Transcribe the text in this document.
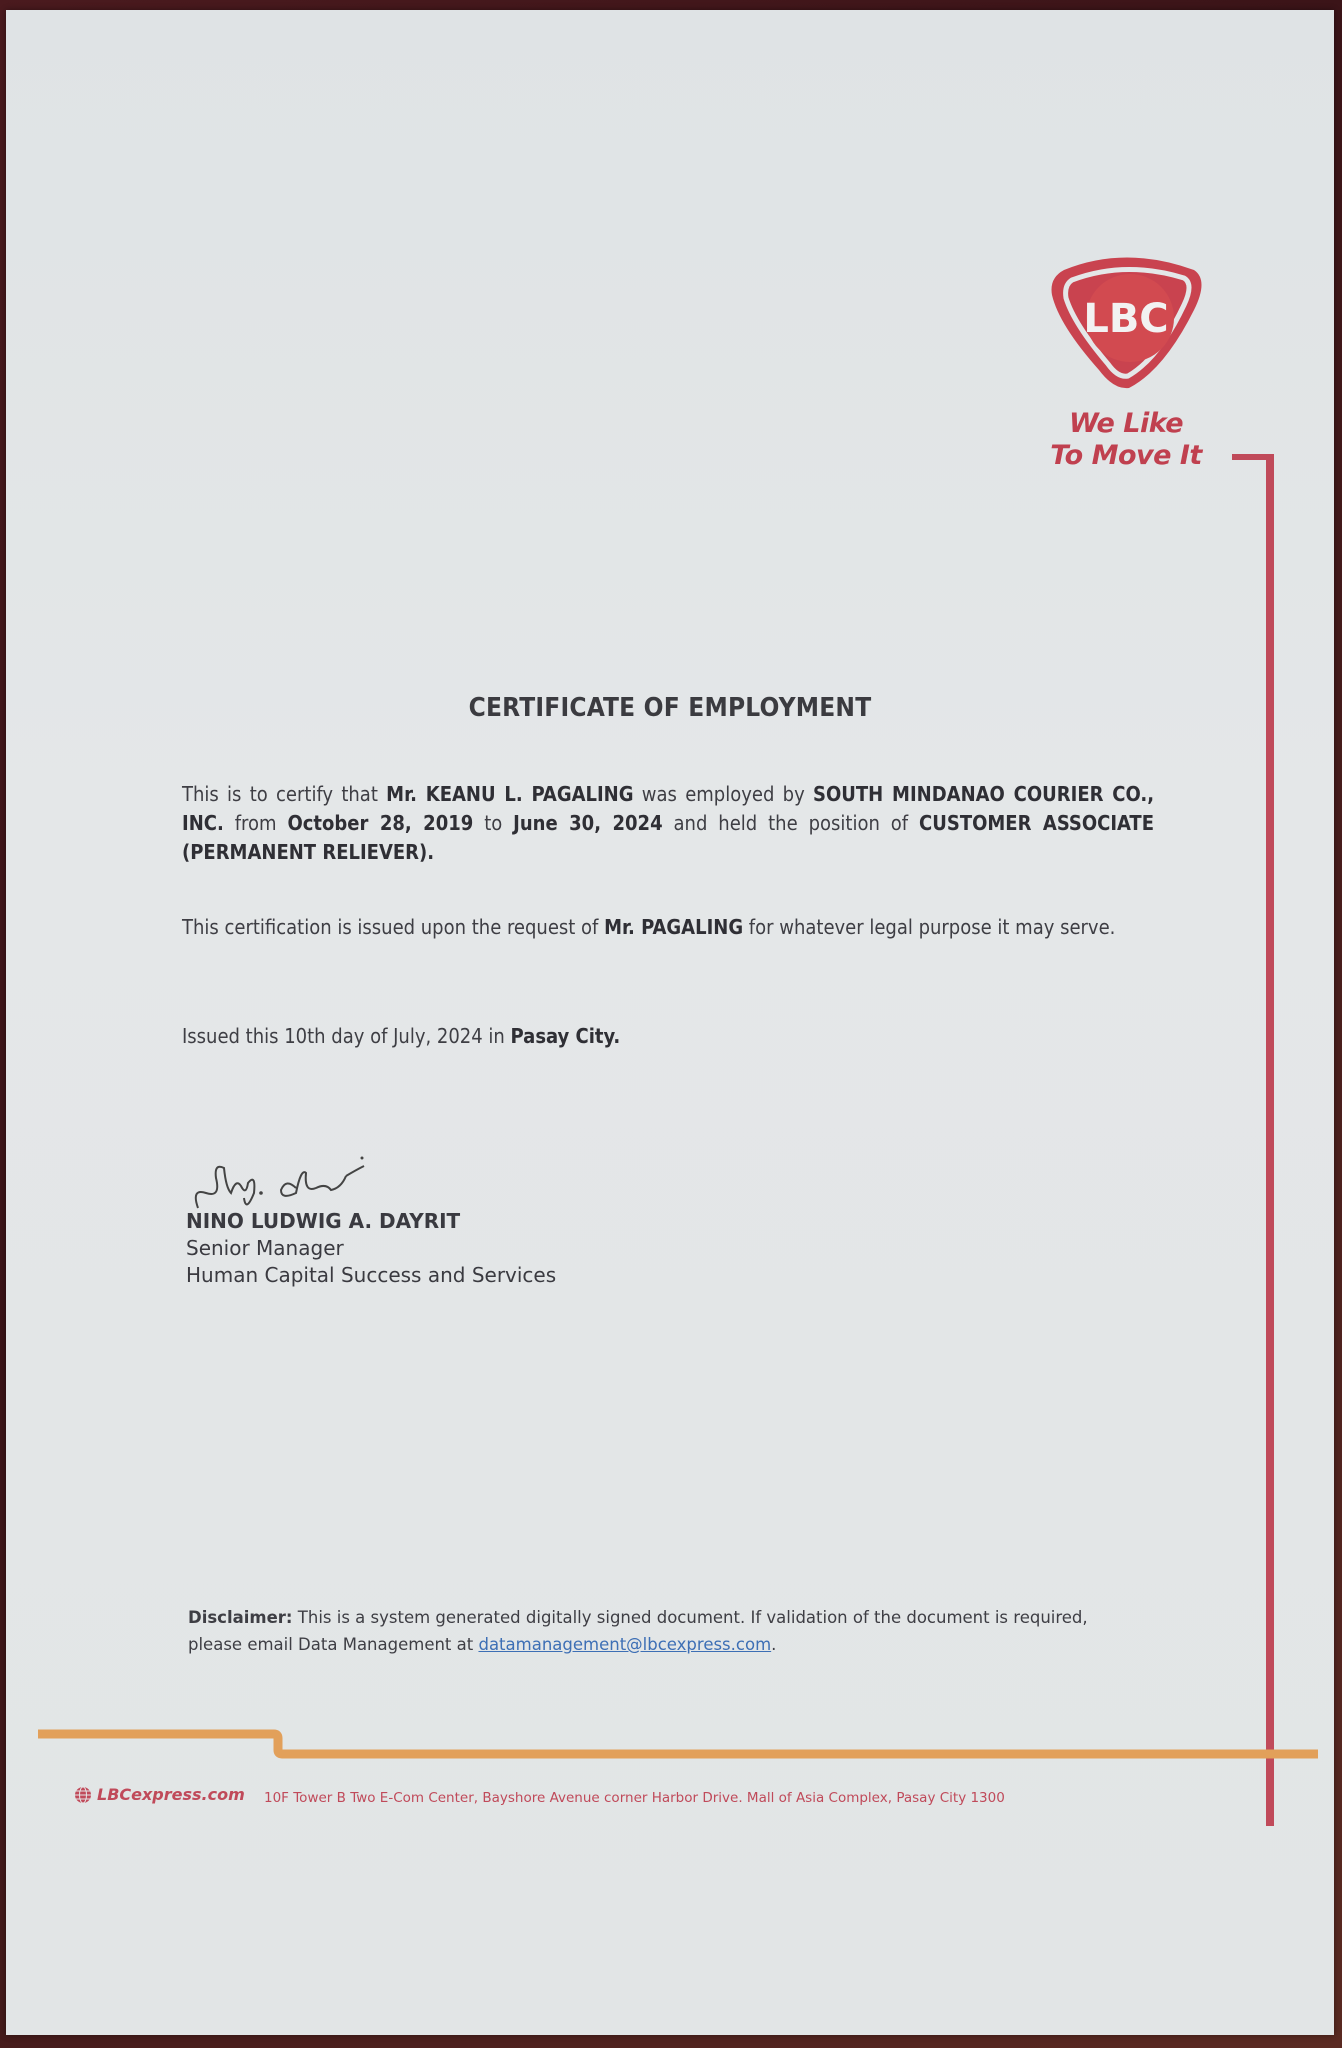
LBC
We Like
To Move It
CERTIFICATE OF EMPLOYMENT
This is to certify that Mr. KEANU L. PAGALING was employed by SOUTH MINDANAO COURIER CO., INC. from October 28, 2019 to June 30, 2024 and held the position of CUSTOMER ASSOCIATE (PERMANENT RELIEVER).
This certification is issued upon the request of Mr. PAGALING for whatever legal purpose it may serve.
Issued this 10th day of July, 2024 in Pasay City.
NINO LUDWIG A. DAYRIT
Senior Manager
Human Capital Success and Services
Disclaimer: This is a system generated digitally signed document. If validation of the document is required, please email Data Management at datamanagement@lbcexpress.com.
LBCexpress.com 10F Tower B Two E-Com Center, Bayshore Avenue corner Harbor Drive. Mall of Asia Complex, Pasay City 1300
